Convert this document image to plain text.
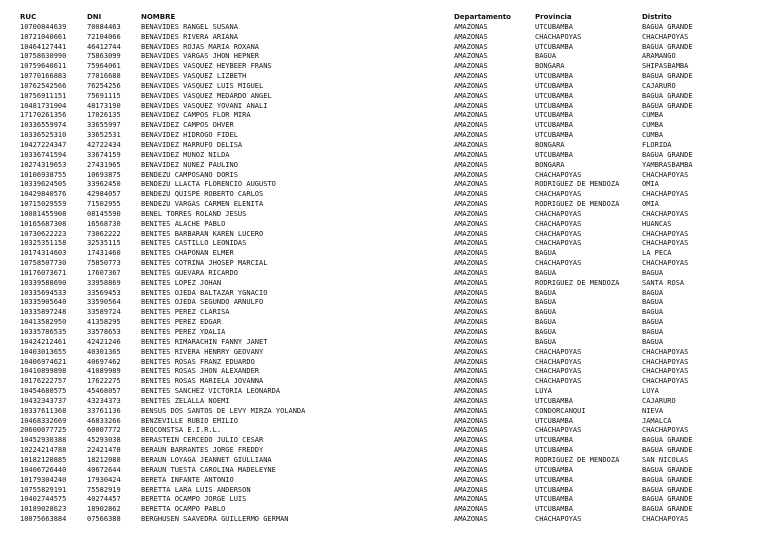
RUC	DNI	NOMBRE	Departamento	Provincia	Distrito
10700844639	70084463	BENAVIDES RANGEL SUSANA	AMAZONAS	UTCUBAMBA	BAGUA GRANDE
10721040661	72104066	BENAVIDES RIVERA ARIANA	AMAZONAS	CHACHAPOYAS	CHACHAPOYAS
10464127441	46412744	BENAVIDES ROJAS MARIA ROXANA	AMAZONAS	UTCUBAMBA	BAGUA GRANDE
10758630990	75863099	BENAVIDES VARGAS JHON HEPNER	AMAZONAS	BAGUA	ARAMANGO
10759640611	75964061	BENAVIDES VASQUEZ HEYBEER FRANS	AMAZONAS	BONGARA	SHIPASBAMBA
10770166883	77016688	BENAVIDES VASQUEZ LIZBETH	AMAZONAS	UTCUBAMBA	BAGUA GRANDE
10762542566	76254256	BENAVIDES VASQUEZ LUIS MIGUEL	AMAZONAS	UTCUBAMBA	CAJARURO
10756911151	75691115	BENAVIDES VASQUEZ MEDARDO ANGEL	AMAZONAS	UTCUBAMBA	BAGUA GRANDE
10481731904	48173190	BENAVIDES VASQUEZ YOVANI ANALI	AMAZONAS	UTCUBAMBA	BAGUA GRANDE
17170261356	17026135	BENAVIDEZ CAMPOS FLOR MIRA	AMAZONAS	UTCUBAMBA	CUMBA
10336559974	33655997	BENAVIDEZ CAMPOS OHVER	AMAZONAS	UTCUBAMBA	CUMBA
10336525310	33652531	BENAVIDEZ HIDROGO FIDEL	AMAZONAS	UTCUBAMBA	CUMBA
10427224347	42722434	BENAVIDEZ MARRUFO DELISA	AMAZONAS	BONGARA	FLORIDA
10336741594	33674159	BENAVIDEZ MUÑOZ NILDA	AMAZONAS	UTCUBAMBA	BAGUA GRANDE
10274319653	27431965	BENAVIDEZ NUÑEZ PAULINO	AMAZONAS	BONGARA	YAMBRASBAMBA
10106938755	10693875	BENDEZU CAMPOSANO DORIS	AMAZONAS	CHACHAPOYAS	CHACHAPOYAS
10339624505	33962450	BENDEZU LLACTA FLORENCIO AUGUSTO	AMAZONAS	RODRIGUEZ DE MENDOZA	OMIA
10429840576	42984057	BENDEZU QUISPE ROBERTO CARLOS	AMAZONAS	CHACHAPOYAS	CHACHAPOYAS
10715029559	71502955	BENDEZU VARGAS CARMEN ELENITA	AMAZONAS	RODRIGUEZ DE MENDOZA	OMIA
10081455908	08145590	BENEL TORRES ROLAND JESUS	AMAZONAS	CHACHAPOYAS	CHACHAPOYAS
10165687308	16568730	BENITES ALACHE PABLO	AMAZONAS	CHACHAPOYAS	HUANCAS
10730622223	73062222	BENITES BARBARAN KAREN LUCERO	AMAZONAS	CHACHAPOYAS	CHACHAPOYAS
10325351158	32535115	BENITES CASTILLO LEONIDAS	AMAZONAS	CHACHAPOYAS	CHACHAPOYAS
10174314603	17431460	BENITES CHAPOÑAN ELMER	AMAZONAS	BAGUA	LA PECA
10758507730	75850773	BENITES COTRINA JHOSEP MARCIAL	AMAZONAS	CHACHAPOYAS	CHACHAPOYAS
10176073671	17607367	BENITES GUEVARA RICARDO	AMAZONAS	BAGUA	BAGUA
10339588690	33958869	BENITES LOPEZ JOHAN	AMAZONAS	RODRIGUEZ DE MENDOZA	SANTA ROSA
10335694533	33569453	BENITES OJEDA BALTAZAR YGNACIO	AMAZONAS	BAGUA	BAGUA
10335905640	33590564	BENITES OJEDA SEGUNDO ARNULFO	AMAZONAS	BAGUA	BAGUA
10335897248	33589724	BENITES PEREZ CLARISA	AMAZONAS	BAGUA	BAGUA
10413582950	41358295	BENITES PEREZ EDGAR	AMAZONAS	BAGUA	BAGUA
10335786535	33578653	BENITES PEREZ YDALIA	AMAZONAS	BAGUA	BAGUA
10424212461	42421246	BENITES RIMARACHIN FANNY JANET	AMAZONAS	BAGUA	BAGUA
10403013655	40301365	BENITES RIVERA HENRRY GEOVANY	AMAZONAS	CHACHAPOYAS	CHACHAPOYAS
10406974621	40697462	BENITES ROSAS FRANZ EDUARDO	AMAZONAS	CHACHAPOYAS	CHACHAPOYAS
10410899898	41089989	BENITES ROSAS JHON ALEXANDER	AMAZONAS	CHACHAPOYAS	CHACHAPOYAS
10176222757	17622275	BENITES ROSAS MARIELA JOVANNA	AMAZONAS	CHACHAPOYAS	CHACHAPOYAS
10454680575	45468057	BENITES SANCHEZ VICTORIA LEONARDA	AMAZONAS	LUYA	LUYA
10432343737	43234373	BENITES ZELALLA NOEMI	AMAZONAS	UTCUBAMBA	CAJARURO
10337611368	33761136	BENSUS DOS SANTOS DE LEVY MIRZA YOLANDA	AMAZONAS	CONDORCANQUI	NIEVA
10468332669	46833266	BENZEVILLE RUBIO EMILIO	AMAZONAS	UTCUBAMBA	JAMALCA
20600077725	60007772	BEQCONSTSA E.I.R.L.	AMAZONAS	CHACHAPOYAS	CHACHAPOYAS
10452930388	45293038	BERASTEIN CERCEDO JULIO CESAR	AMAZONAS	UTCUBAMBA	BAGUA GRANDE
10224214788	22421478	BERAUN BARRANTES JORGE FREDDY	AMAZONAS	UTCUBAMBA	BAGUA GRANDE
10182120885	18212088	BERAUN LOYAGA JEANNET GIULLIANA	AMAZONAS	RODRIGUEZ DE MENDOZA	SAN NICOLAS
10406726440	40672644	BERAUN TUESTA CAROLINA MADELEYNE	AMAZONAS	UTCUBAMBA	BAGUA GRANDE
10179304240	17930424	BERETA INFANTE ANTONIO	AMAZONAS	UTCUBAMBA	BAGUA GRANDE
10755829191	75582919	BERETTA LARA LUIS ANDERSON	AMAZONAS	UTCUBAMBA	BAGUA GRANDE
10402744575	40274457	BERETTA OCAMPO JORGE LUIS	AMAZONAS	UTCUBAMBA	BAGUA GRANDE
10189028623	18902862	BERETTA OCAMPO PABLO	AMAZONAS	UTCUBAMBA	BAGUA GRANDE
10075663884	07566388	BERGHUSEN SAAVEDRA GUILLERMO GERMAN	AMAZONAS	CHACHAPOYAS	CHACHAPOYAS
